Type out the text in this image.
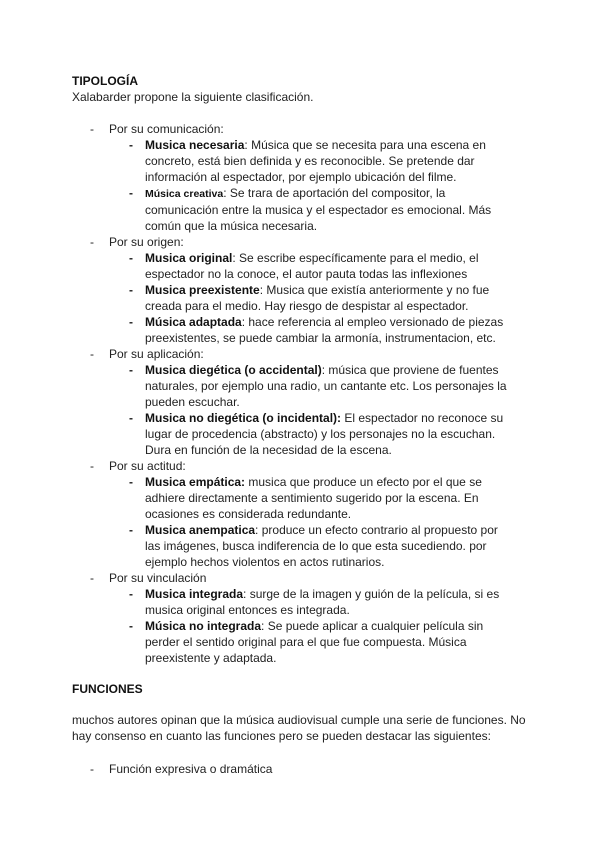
TIPOLOGÍA
Xalabarder propone la siguiente clasificación.
- Por su comunicación:
- Musica necesaria: Música que se necesita para una escena en concreto, está bien definida y es reconocible. Se pretende dar información al espectador, por ejemplo ubicación del filme.
- Música creativa: Se trara de aportación del compositor, la comunicación entre la musica y el espectador es emocional. Más común que la música necesaria.
- Por su origen:
- Musica original: Se escribe específicamente para el medio, el espectador no la conoce, el autor pauta todas las inflexiones
- Musica preexistente: Musica que existía anteriormente y no fue creada para el medio. Hay riesgo de despistar al espectador.
- Música adaptada: hace referencia al empleo versionado de piezas preexistentes, se puede cambiar la armonía, instrumentacion, etc.
- Por su aplicación:
- Musica diegética (o accidental): música que proviene de fuentes naturales, por ejemplo una radio, un cantante etc. Los personajes la pueden escuchar.
- Musica no diegética (o incidental): El espectador no reconoce su lugar de procedencia (abstracto) y los personajes no la escuchan. Dura en función de la necesidad de la escena.
- Por su actitud:
- Musica empática: musica que produce un efecto por el que se adhiere directamente a sentimiento sugerido por la escena. En ocasiones es considerada redundante.
- Musica anempatica: produce un efecto contrario al propuesto por las imágenes, busca indiferencia de lo que esta sucediendo. por ejemplo hechos violentos en actos rutinarios.
- Por su vinculación
- Musica integrada: surge de la imagen y guión de la película, si es musica original entonces es integrada.
- Música no integrada: Se puede aplicar a cualquier película sin perder el sentido original para el que fue compuesta. Música preexistente y adaptada.
FUNCIONES
muchos autores opinan que la música audiovisual cumple una serie de funciones. No hay consenso en cuanto las funciones pero se pueden destacar las siguientes:
- Función expresiva o dramática
